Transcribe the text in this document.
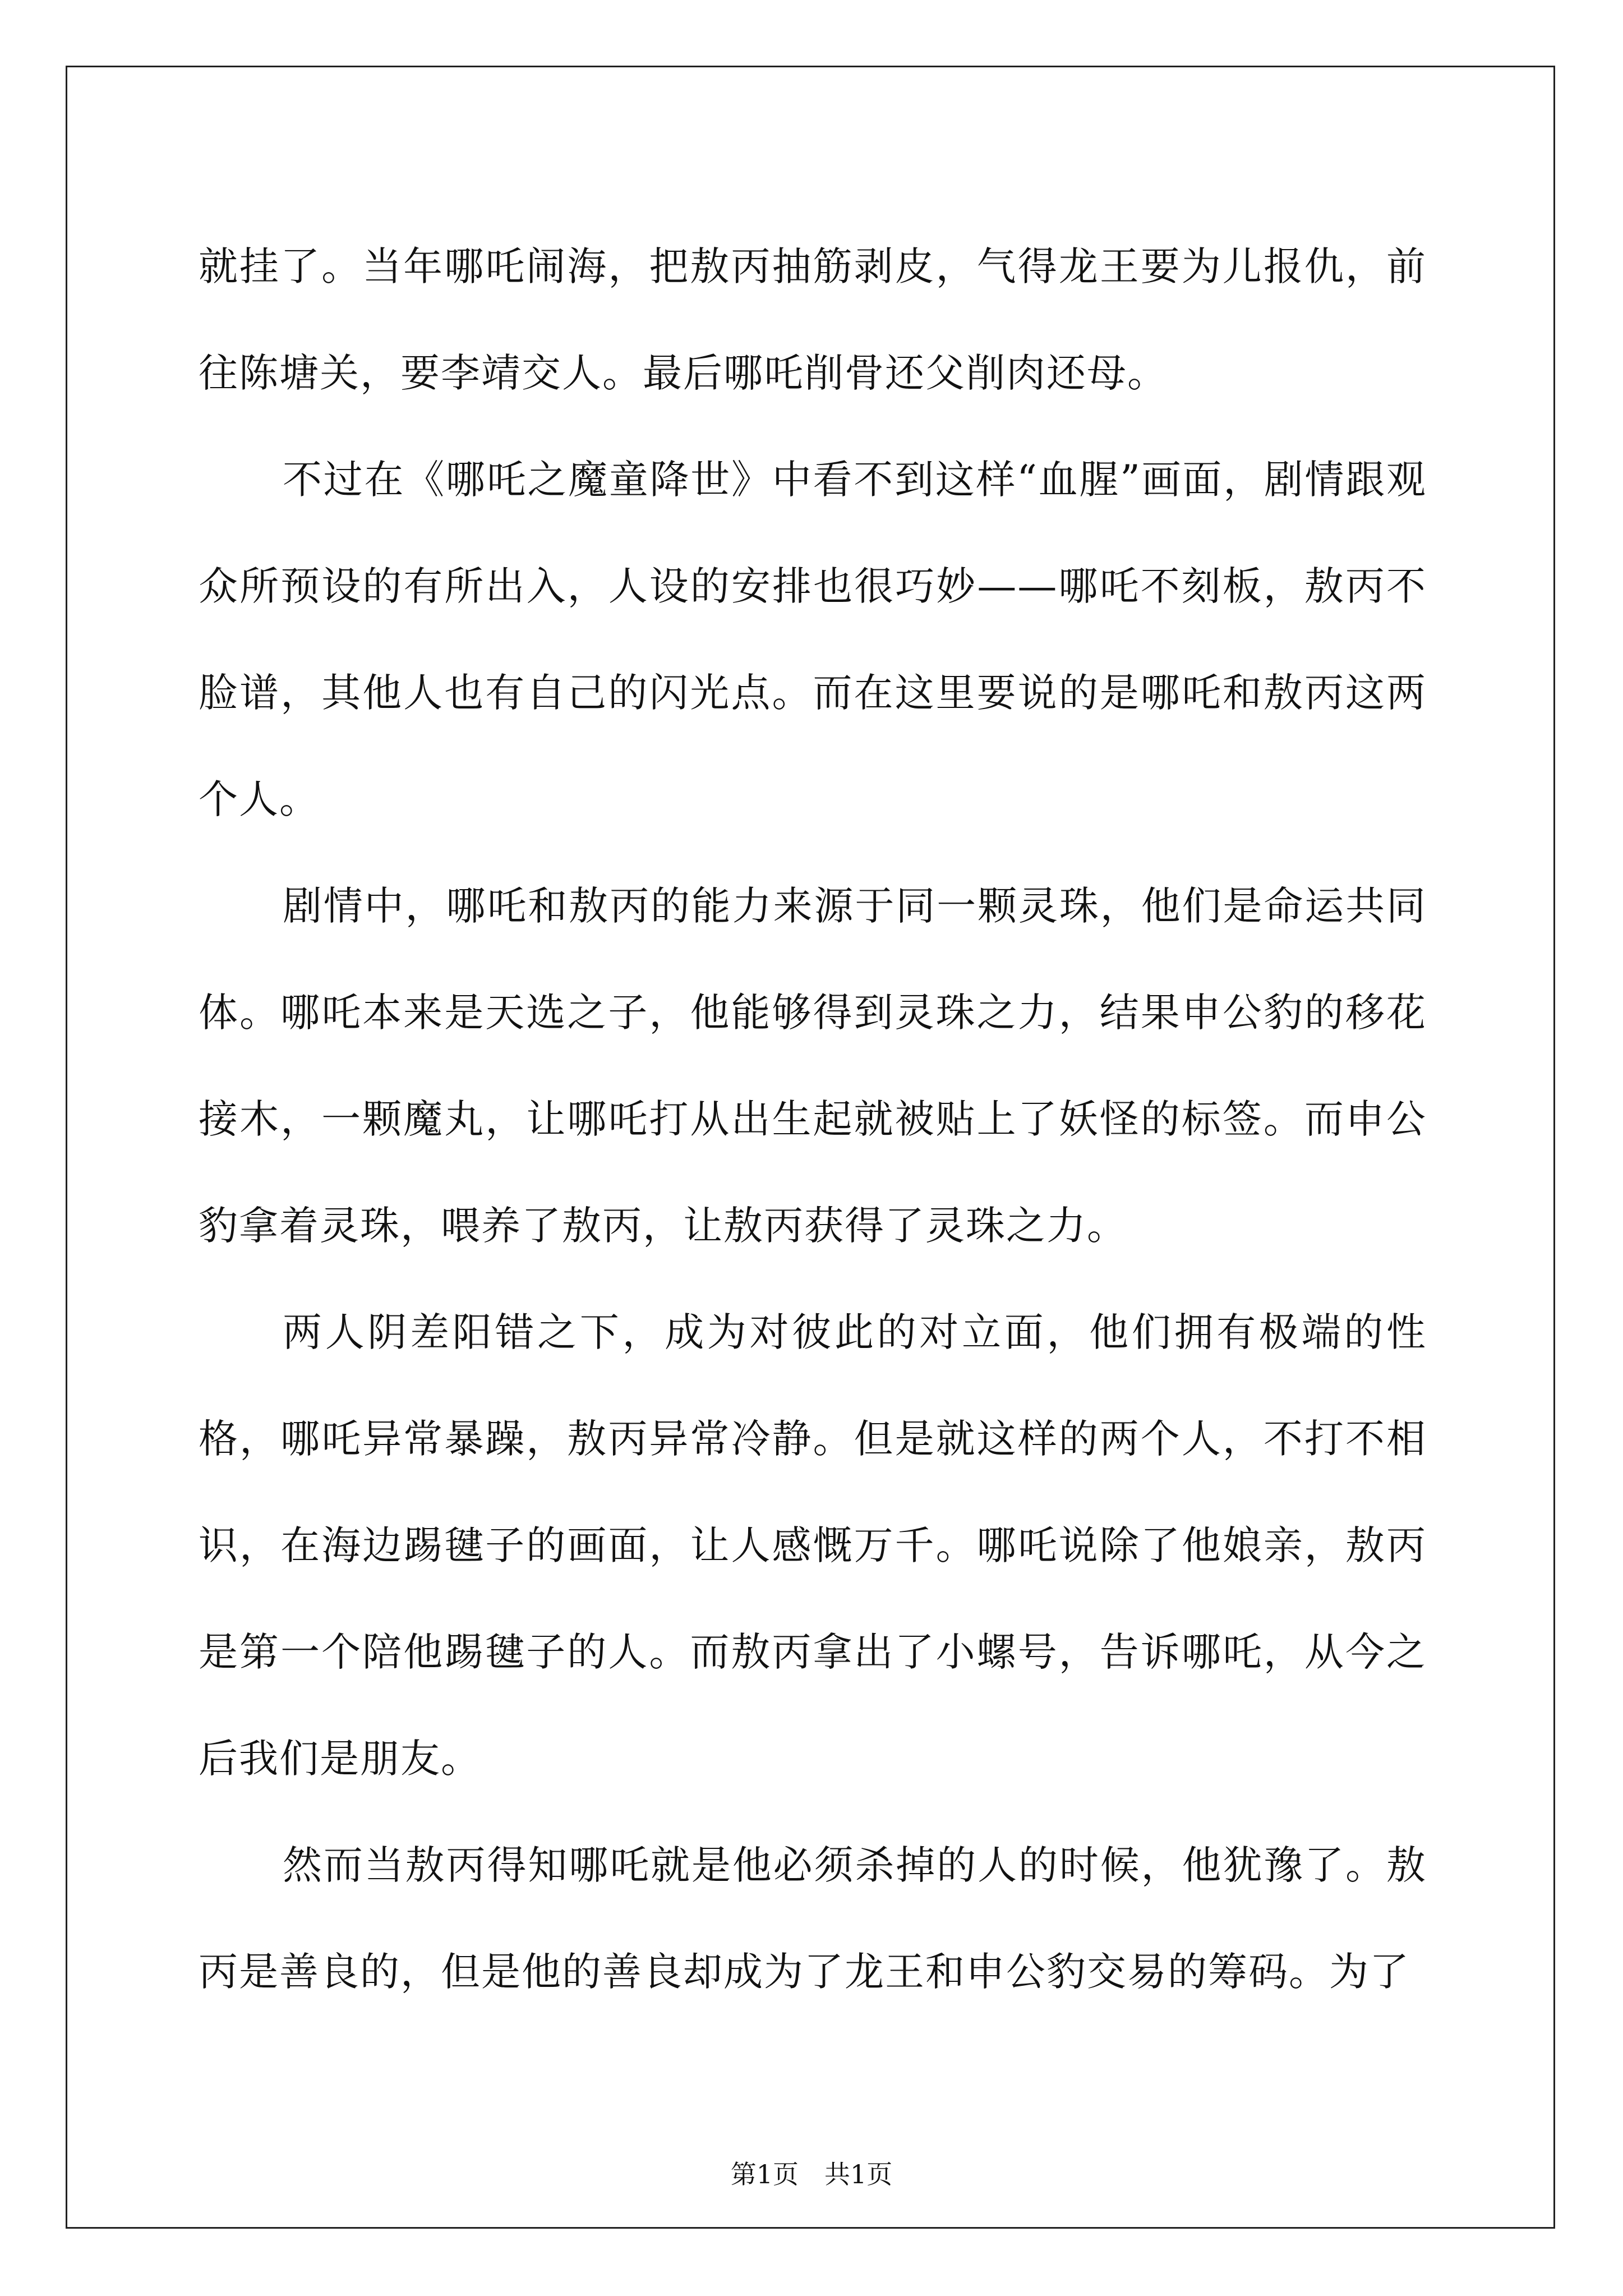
就挂了。当年哪吒闹海，把敖丙抽筋剥皮，气得龙王要为儿报仇，前往陈塘关，要李靖交人。最后哪吒削骨还父削肉还母。

不过在《哪吒之魔童降世》中看不到这样“血腥”画面，剧情跟观众所预设的有所出入，人设的安排也很巧妙——哪吒不刻板，敖丙不脸谱，其他人也有自己的闪光点。而在这里要说的是哪吒和敖丙这两个人。

剧情中，哪吒和敖丙的能力来源于同一颗灵珠，他们是命运共同体。哪吒本来是天选之子，他能够得到灵珠之力，结果申公豹的移花接木，一颗魔丸，让哪吒打从出生起就被贴上了妖怪的标签。而申公豹拿着灵珠，喂养了敖丙，让敖丙获得了灵珠之力。

两人阴差阳错之下，成为对彼此的对立面，他们拥有极端的性格，哪吒异常暴躁，敖丙异常冷静。但是就这样的两个人，不打不相识，在海边踢毽子的画面，让人感慨万千。哪吒说除了他娘亲，敖丙是第一个陪他踢毽子的人。而敖丙拿出了小螺号，告诉哪吒，从今之后我们是朋友。

然而当敖丙得知哪吒就是他必须杀掉的人的时候，他犹豫了。敖丙是善良的，但是他的善良却成为了龙王和申公豹交易的筹码。为了

第1页　共1页
